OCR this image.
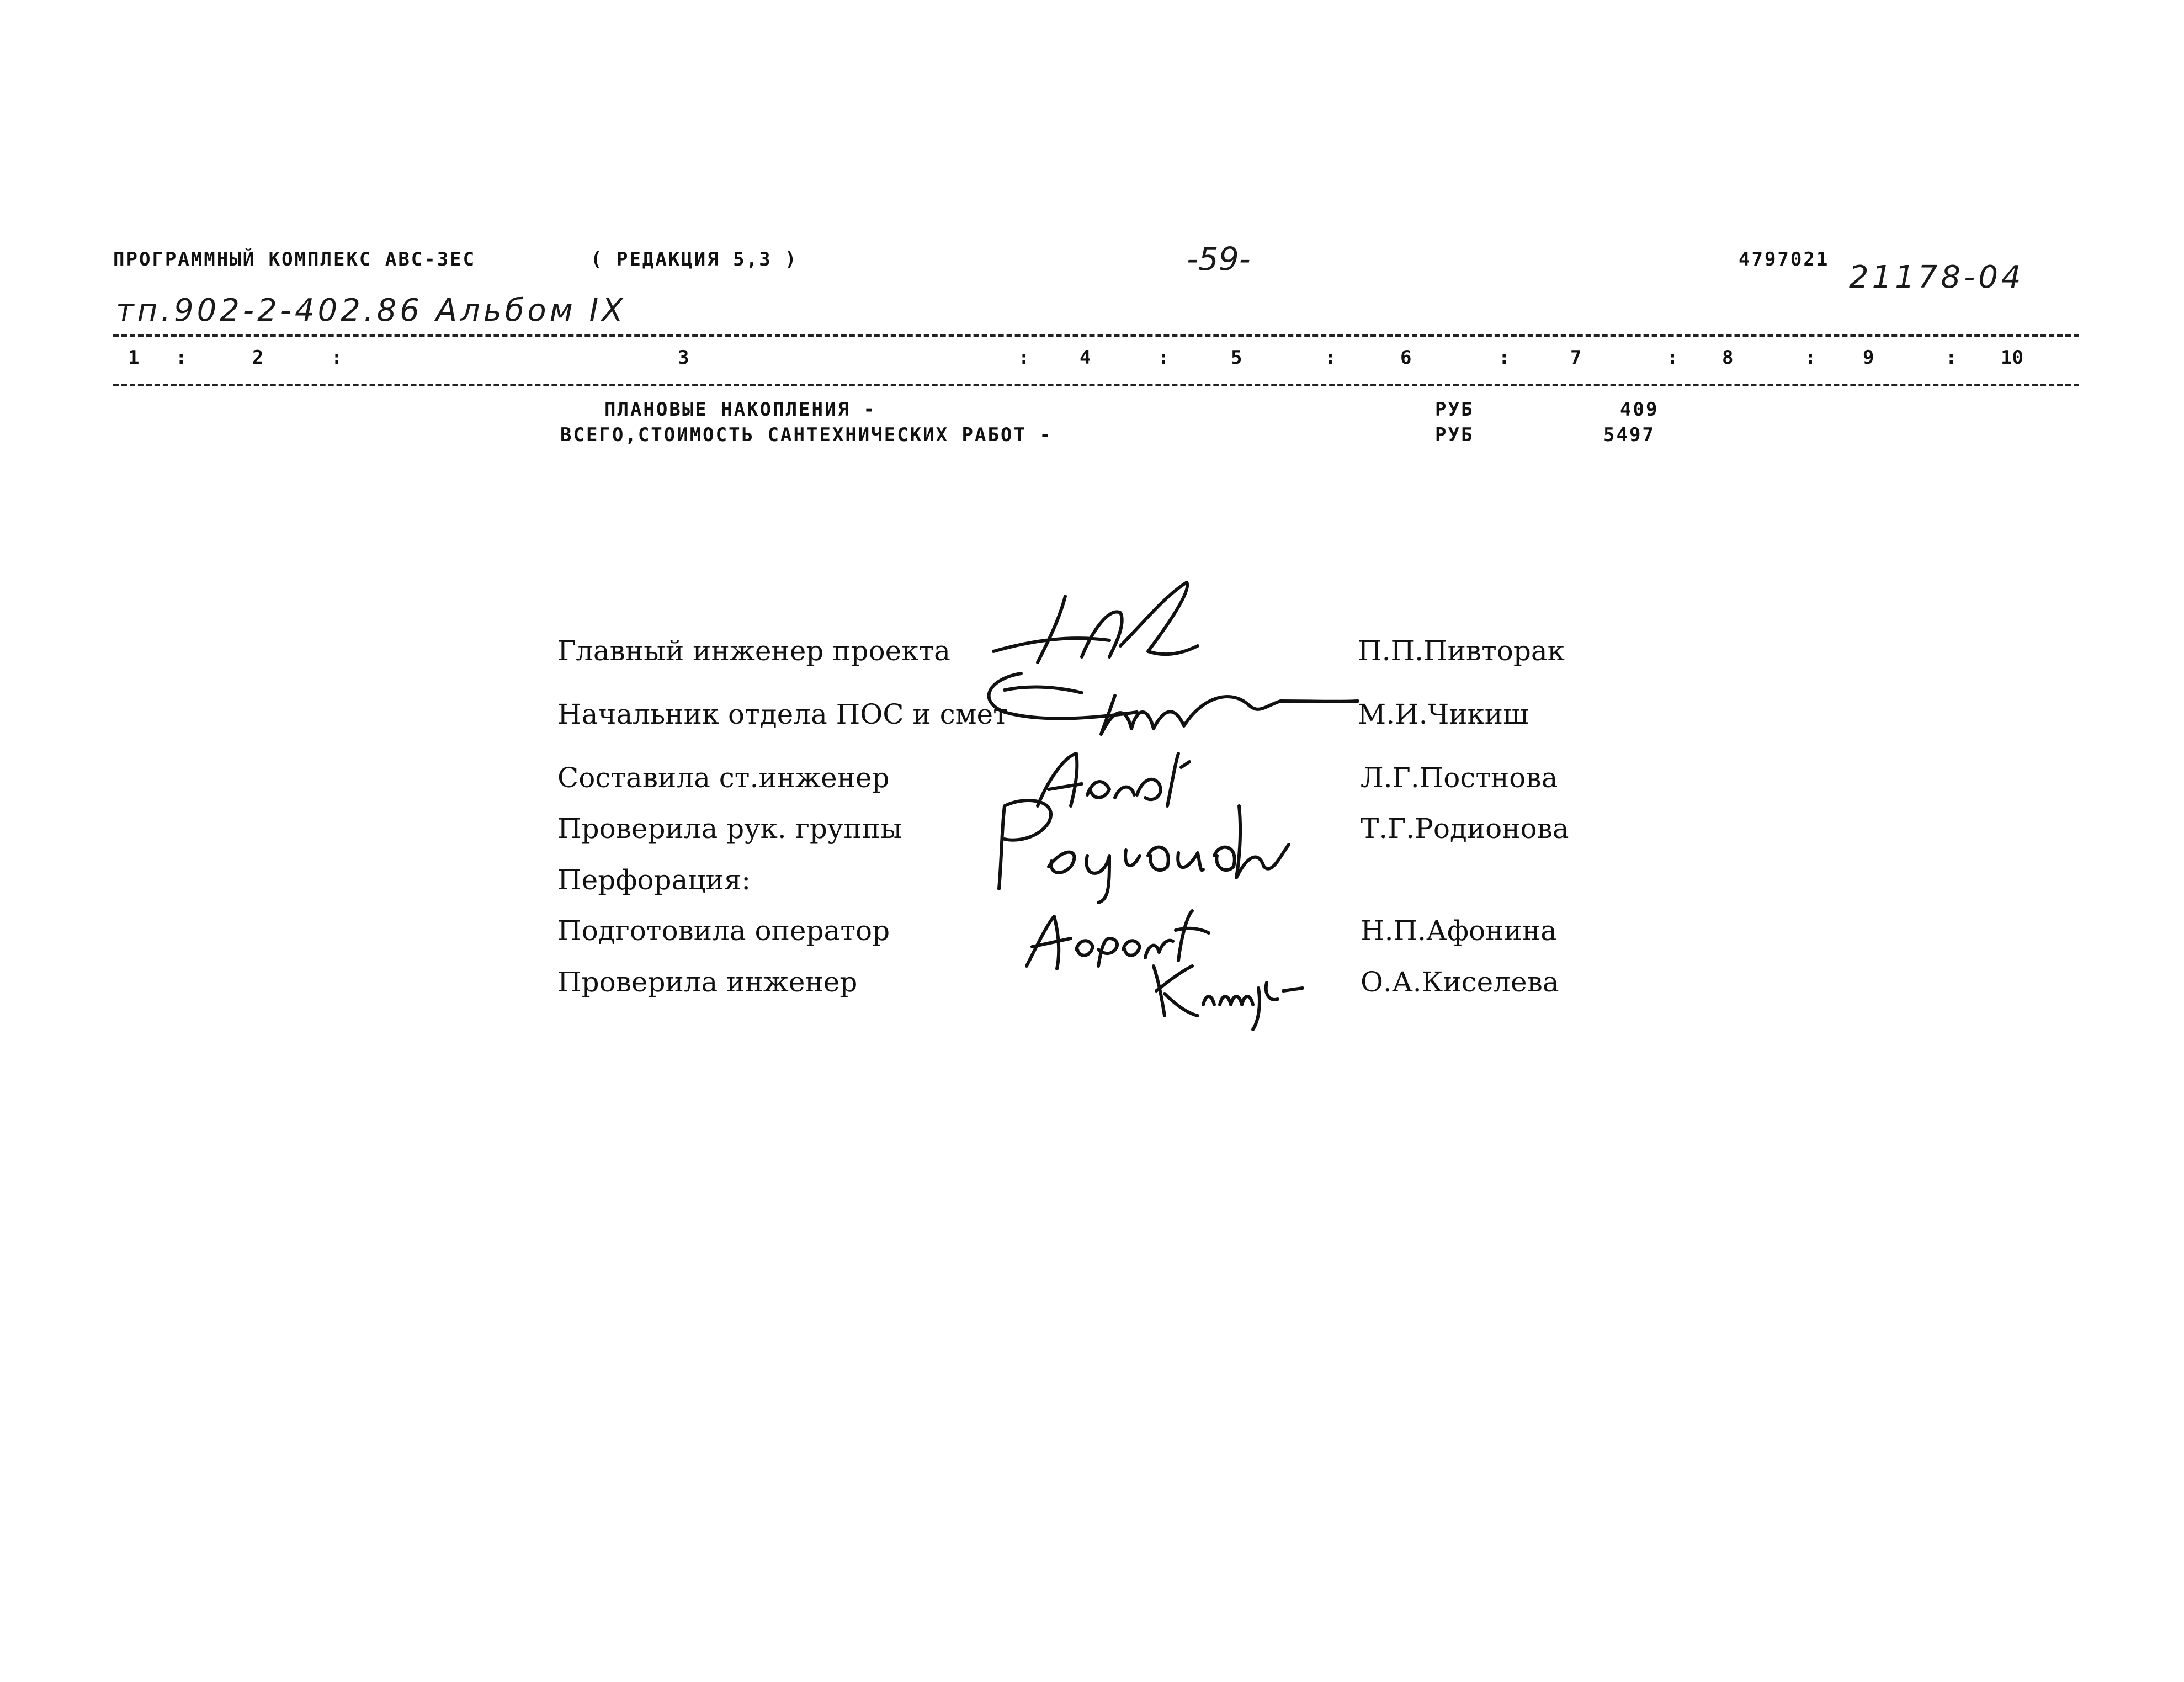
ПРОГРАММНЫЙ КОМПЛЕКС АВС-3ЕС	( РЕДАКЦИЯ 5,3 )	-59-	4797021 21178-04
тп.902-2-402.86 Альбом IX
1 :	2	:	3	:	4	:	5	:	6	:	7	: 8	: 9	: 10
ПЛАНОВЫЕ НАКОПЛЕНИЯ -	РУБ	409
ВСЕГО,СТОИМОСТЬ САНТЕХНИЧЕСКИХ РАБОТ -	РУБ	5497
Главный инженер проекта	П.П.Пивторак
Начальник отдела ПОС и смет	М.И.Чикиш
Составила ст.инженер	Л.Г.Постнова
Проверила рук. группы	Т.Г.Родионова
Перфорация:
Подготовила оператор	Н.П.Афонина
Проверила инженер	О.А.Киселева
